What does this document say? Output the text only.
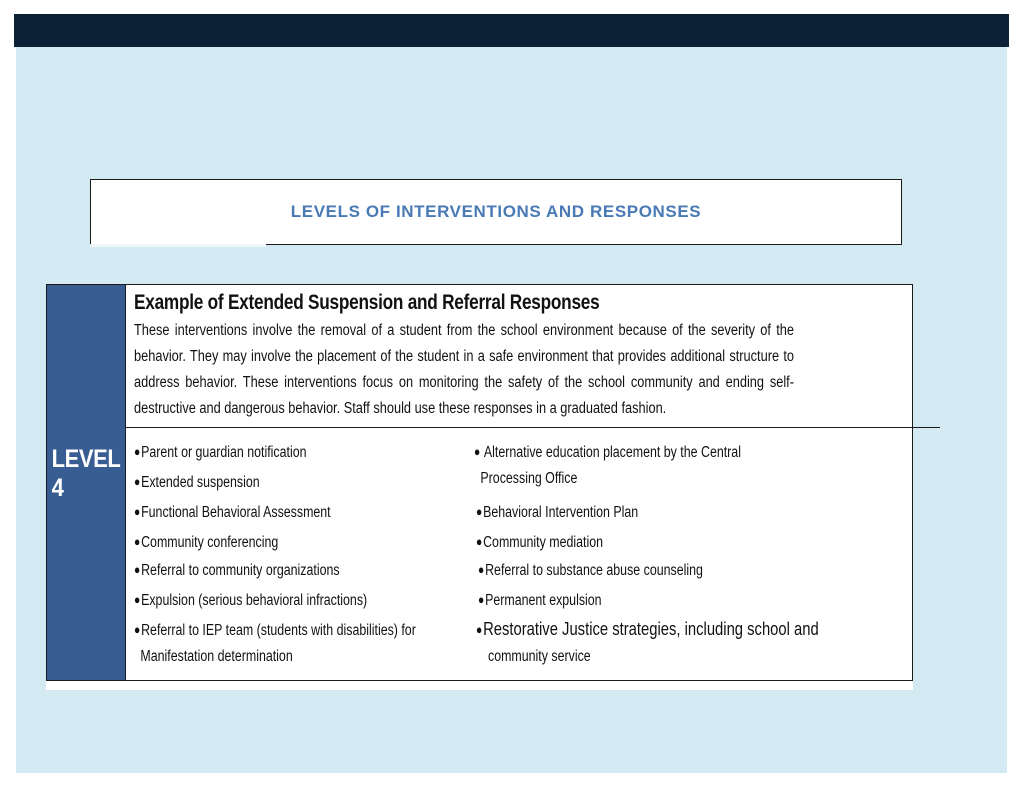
LEVELS OF INTERVENTIONS AND RESPONSES
LEVEL 4
Example of Extended Suspension and Referral Responses
These interventions involve the removal of a student from the school environment because of the severity of the behavior. They may involve the placement of the student in a safe environment that provides additional structure to address behavior. These interventions focus on monitoring the safety of the school community and ending self-destructive and dangerous behavior. Staff should use these responses in a graduated fashion.
●Parent or guardian notification
●Extended suspension
●Functional Behavioral Assessment
●Community conferencing
●Referral to community organizations
●Expulsion (serious behavioral infractions)
●Referral to IEP team (students with disabilities) for
Manifestation determination
● Alternative education placement by the Central
Processing Office
●Behavioral Intervention Plan
●Community mediation
●Referral to substance abuse counseling
●Permanent expulsion
●Restorative Justice strategies, including school and
community service
